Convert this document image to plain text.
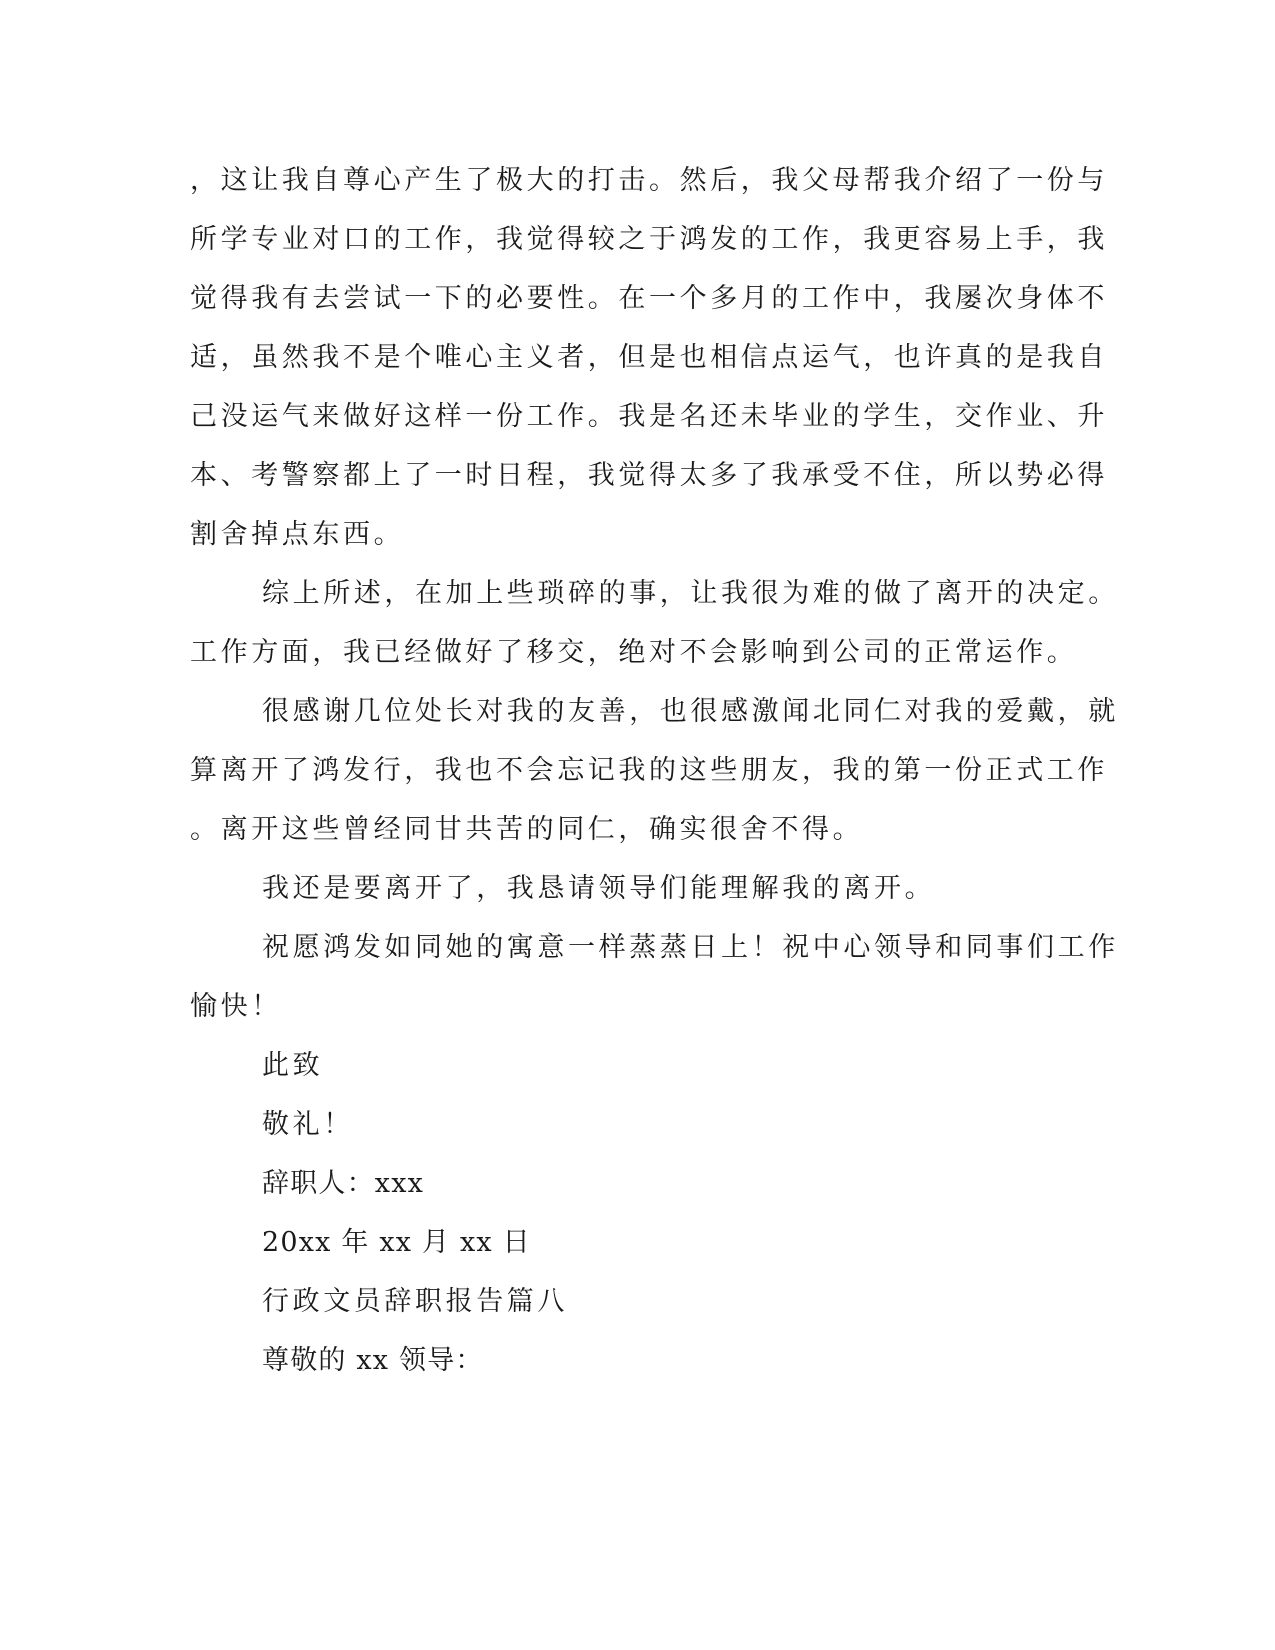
，这让我自尊心产生了极大的打击。然后，我父母帮我介绍了一份与
所学专业对口的工作，我觉得较之于鸿发的工作，我更容易上手，我
觉得我有去尝试一下的必要性。在一个多月的工作中，我屡次身体不
适，虽然我不是个唯心主义者，但是也相信点运气，也许真的是我自
己没运气来做好这样一份工作。我是名还未毕业的学生，交作业、升
本、考警察都上了一时日程，我觉得太多了我承受不住，所以势必得
割舍掉点东西。
综上所述，在加上些琐碎的事，让我很为难的做了离开的决定。
工作方面，我已经做好了移交，绝对不会影响到公司的正常运作。
很感谢几位处长对我的友善，也很感激闻北同仁对我的爱戴，就
算离开了鸿发行，我也不会忘记我的这些朋友，我的第一份正式工作
。离开这些曾经同甘共苦的同仁，确实很舍不得。
我还是要离开了，我恳请领导们能理解我的离开。
祝愿鸿发如同她的寓意一样蒸蒸日上！祝中心领导和同事们工作
愉快！
此致
敬礼！
辞职人：xxx
20xx 年 xx 月 xx 日
行政文员辞职报告篇八
尊敬的 xx 领导：
